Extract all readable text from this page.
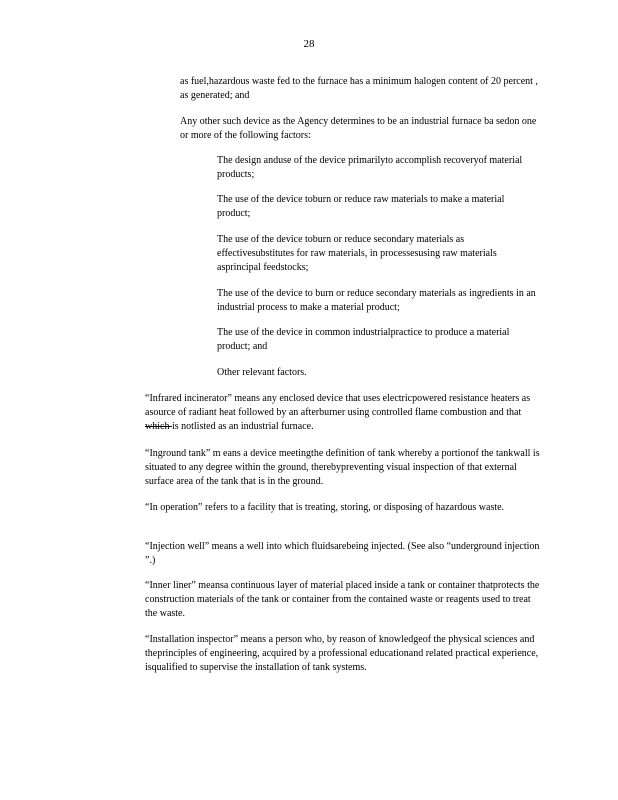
28

as fuel,hazardous waste fed to the furnace has a minimum halogen content of 20 percent , as generated; and

Any other such device as the Agency determines to be an industrial furnace ba sedon one or more of the following factors:

The design anduse of the device primarilyto accomplish recoveryof material products;

The use of the device toburn or reduce raw materials to make a material product;

The use of the device toburn or reduce secondary materials as effectivesubstitutes for raw materials, in processesusing raw materials asprincipal feedstocks;

The use of the device to burn or reduce secondary materials as ingredients in an industrial process to make a material product;

The use of the device in common industrialpractice to produce a material product; and

Other relevant factors.

“Infrared incinerator” means any enclosed device that uses electricpowered resistance heaters as asource of radiant heat followed by an afterburner using controlled flame combustion and that which is notlisted as an industrial furnace.

“Inground tank” m eans a device meetingthe definition of tank whereby a portionof the tankwall is situated to any degree within the ground, therebypreventing visual inspection of that external surface area of the tank that is in the ground.

“In operation” refers to a facility that is treating, storing, or disposing of hazardous waste.

“Injection well” means a well into which fluidsarebeing injected. (See also “underground injection ”.)

“Inner liner” meansa continuous layer of material placed inside a tank or container thatprotects the construction materials of the tank or container from the contained waste or reagents used to treat the waste.

“Installation inspector” means a person who, by reason of knowledgeof the physical sciences and theprinciples of engineering, acquired by a professional educationand related practical experience, isqualified to supervise the installation of tank systems.
